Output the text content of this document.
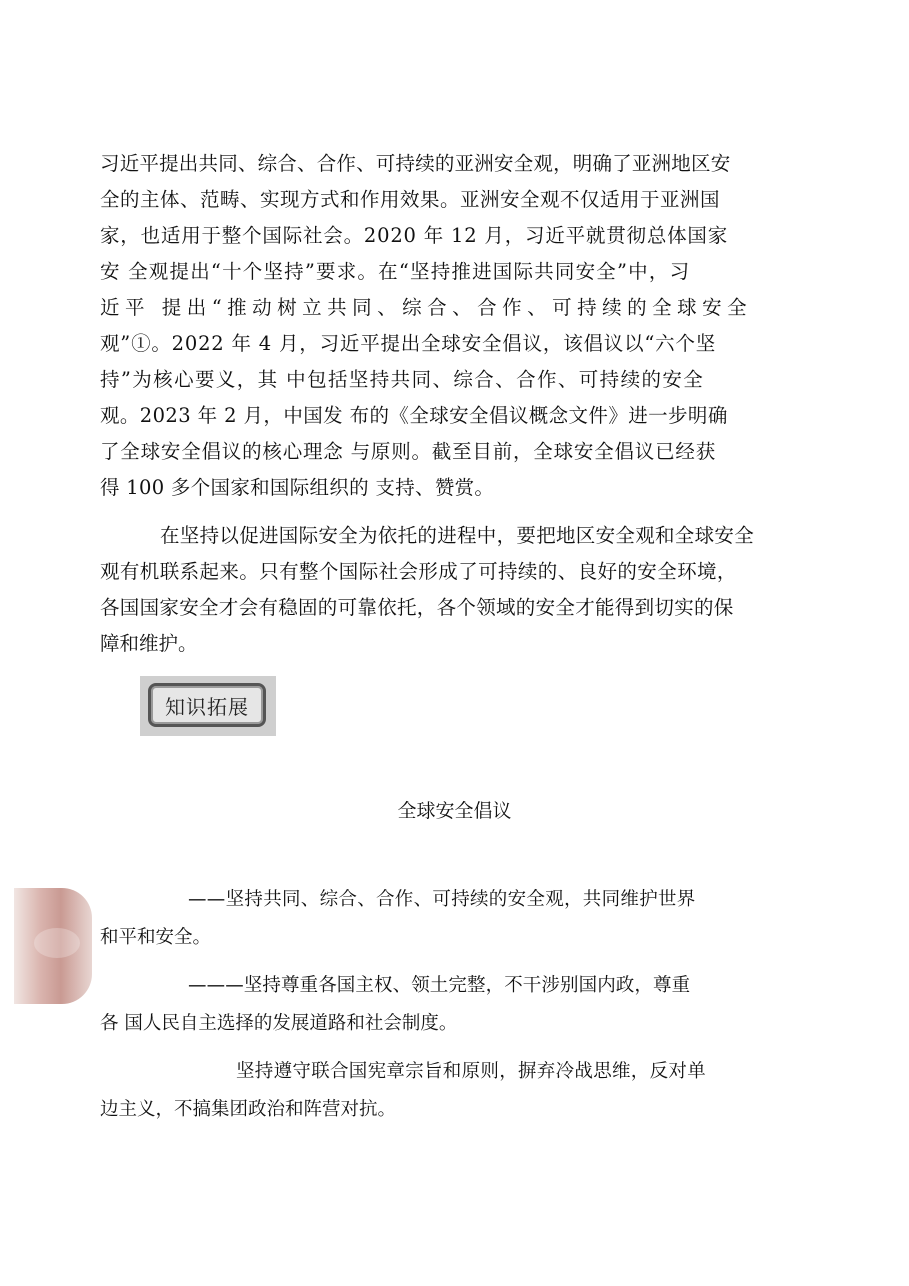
习近平提出共同、综合、合作、可持续的亚洲安全观，明确了亚洲地区安
全的主体、范畴、实现方式和作用效果。亚洲安全观不仅适用于亚洲国
家，也适用于整个国际社会。2020 年 12 月，习近平就贯彻总体国家
安 全观提出“十个坚持”要求。在“坚持推进国际共同安全”中，习
近平 提出“推动树立共同、综合、合作、可持续的全球安全
观”①。2022 年 4 月，习近平提出全球安全倡议，该倡议以“六个坚
持”为核心要义，其 中包括坚持共同、综合、合作、可持续的安全
观。2023 年 2 月，中国发 布的《全球安全倡议概念文件》进一步明确
了全球安全倡议的核心理念 与原则。截至目前，全球安全倡议已经获
得 100 多个国家和国际组织的 支持、赞赏。
在坚持以促进国际安全为依托的进程中，要把地区安全观和全球安全
观有机联系起来。只有整个国际社会形成了可持续的、良好的安全环境，
各国国家安全才会有稳固的可靠依托，各个领域的安全才能得到切实的保
障和维护。
知识拓展
全球安全倡议
——坚持共同、综合、合作、可持续的安全观，共同维护世界
和平和安全。
———坚持尊重各国主权、领土完整，不干涉别国内政，尊重
各 国人民自主选择的发展道路和社会制度。
坚持遵守联合国宪章宗旨和原则，摒弃冷战思维，反对单
边主义，不搞集团政治和阵营对抗。
